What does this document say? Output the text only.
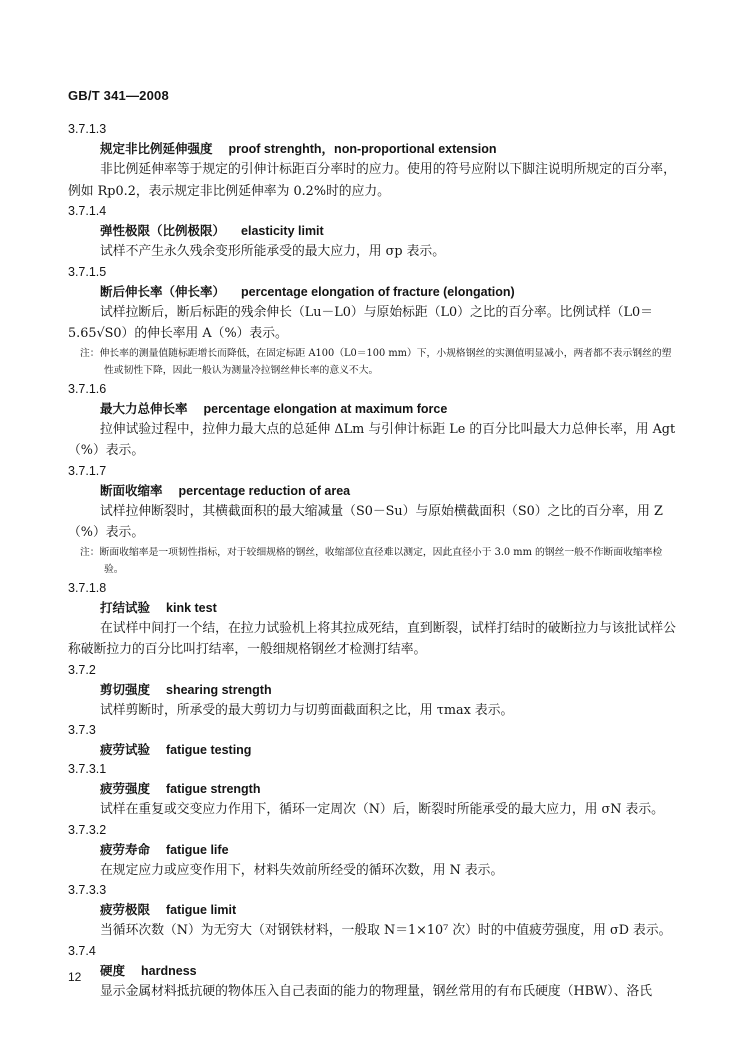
GB/T 341—2008
3.7.1.3
规定非比例延伸强度 proof strenghth，non-proportional extension
非比例延伸率等于规定的引伸计标距百分率时的应力。使用的符号应附以下脚注说明所规定的百分率，例如 Rp0.2，表示规定非比例延伸率为 0.2%时的应力。
3.7.1.4
弹性极限（比例极限） elasticity limit
试样不产生永久残余变形所能承受的最大应力，用 σp 表示。
3.7.1.5
断后伸长率（伸长率） percentage elongation of fracture (elongation)
试样拉断后，断后标距的残余伸长（Lu－L0）与原始标距（L0）之比的百分率。比例试样（L0＝5.65√S0）的伸长率用 A（%）表示。
注：伸长率的测量值随标距增长而降低，在固定标距 A100（L0＝100 mm）下，小规格钢丝的实测值明显减小，两者都不表示钢丝的塑性或韧性下降，因此一般认为测量冷拉钢丝伸长率的意义不大。
3.7.1.6
最大力总伸长率 percentage elongation at maximum force
拉伸试验过程中，拉伸力最大点的总延伸 ΔLm 与引伸计标距 Le 的百分比叫最大力总伸长率，用 Agt（%）表示。
3.7.1.7
断面收缩率 percentage reduction of area
试样拉伸断裂时，其横截面积的最大缩减量（S0－Su）与原始横截面积（S0）之比的百分率，用 Z（%）表示。
注：断面收缩率是一项韧性指标，对于较细规格的钢丝，收缩部位直径难以测定，因此直径小于 3.0 mm 的钢丝一般不作断面收缩率检验。
3.7.1.8
打结试验 kink test
在试样中间打一个结，在拉力试验机上将其拉成死结，直到断裂，试样打结时的破断拉力与该批试样公称破断拉力的百分比叫打结率，一般细规格钢丝才检测打结率。
3.7.2
剪切强度 shearing strength
试样剪断时，所承受的最大剪切力与切剪面截面积之比，用 τmax 表示。
3.7.3
疲劳试验 fatigue testing
3.7.3.1
疲劳强度 fatigue strength
试样在重复或交变应力作用下，循环一定周次（N）后，断裂时所能承受的最大应力，用 σN 表示。
3.7.3.2
疲劳寿命 fatigue life
在规定应力或应变作用下，材料失效前所经受的循环次数，用 N 表示。
3.7.3.3
疲劳极限 fatigue limit
当循环次数（N）为无穷大（对钢铁材料，一般取 N＝1×10⁷ 次）时的中值疲劳强度，用 σD 表示。
3.7.4
硬度 hardness
显示金属材料抵抗硬的物体压入自己表面的能力的物理量，钢丝常用的有布氏硬度（HBW）、洛氏
12
